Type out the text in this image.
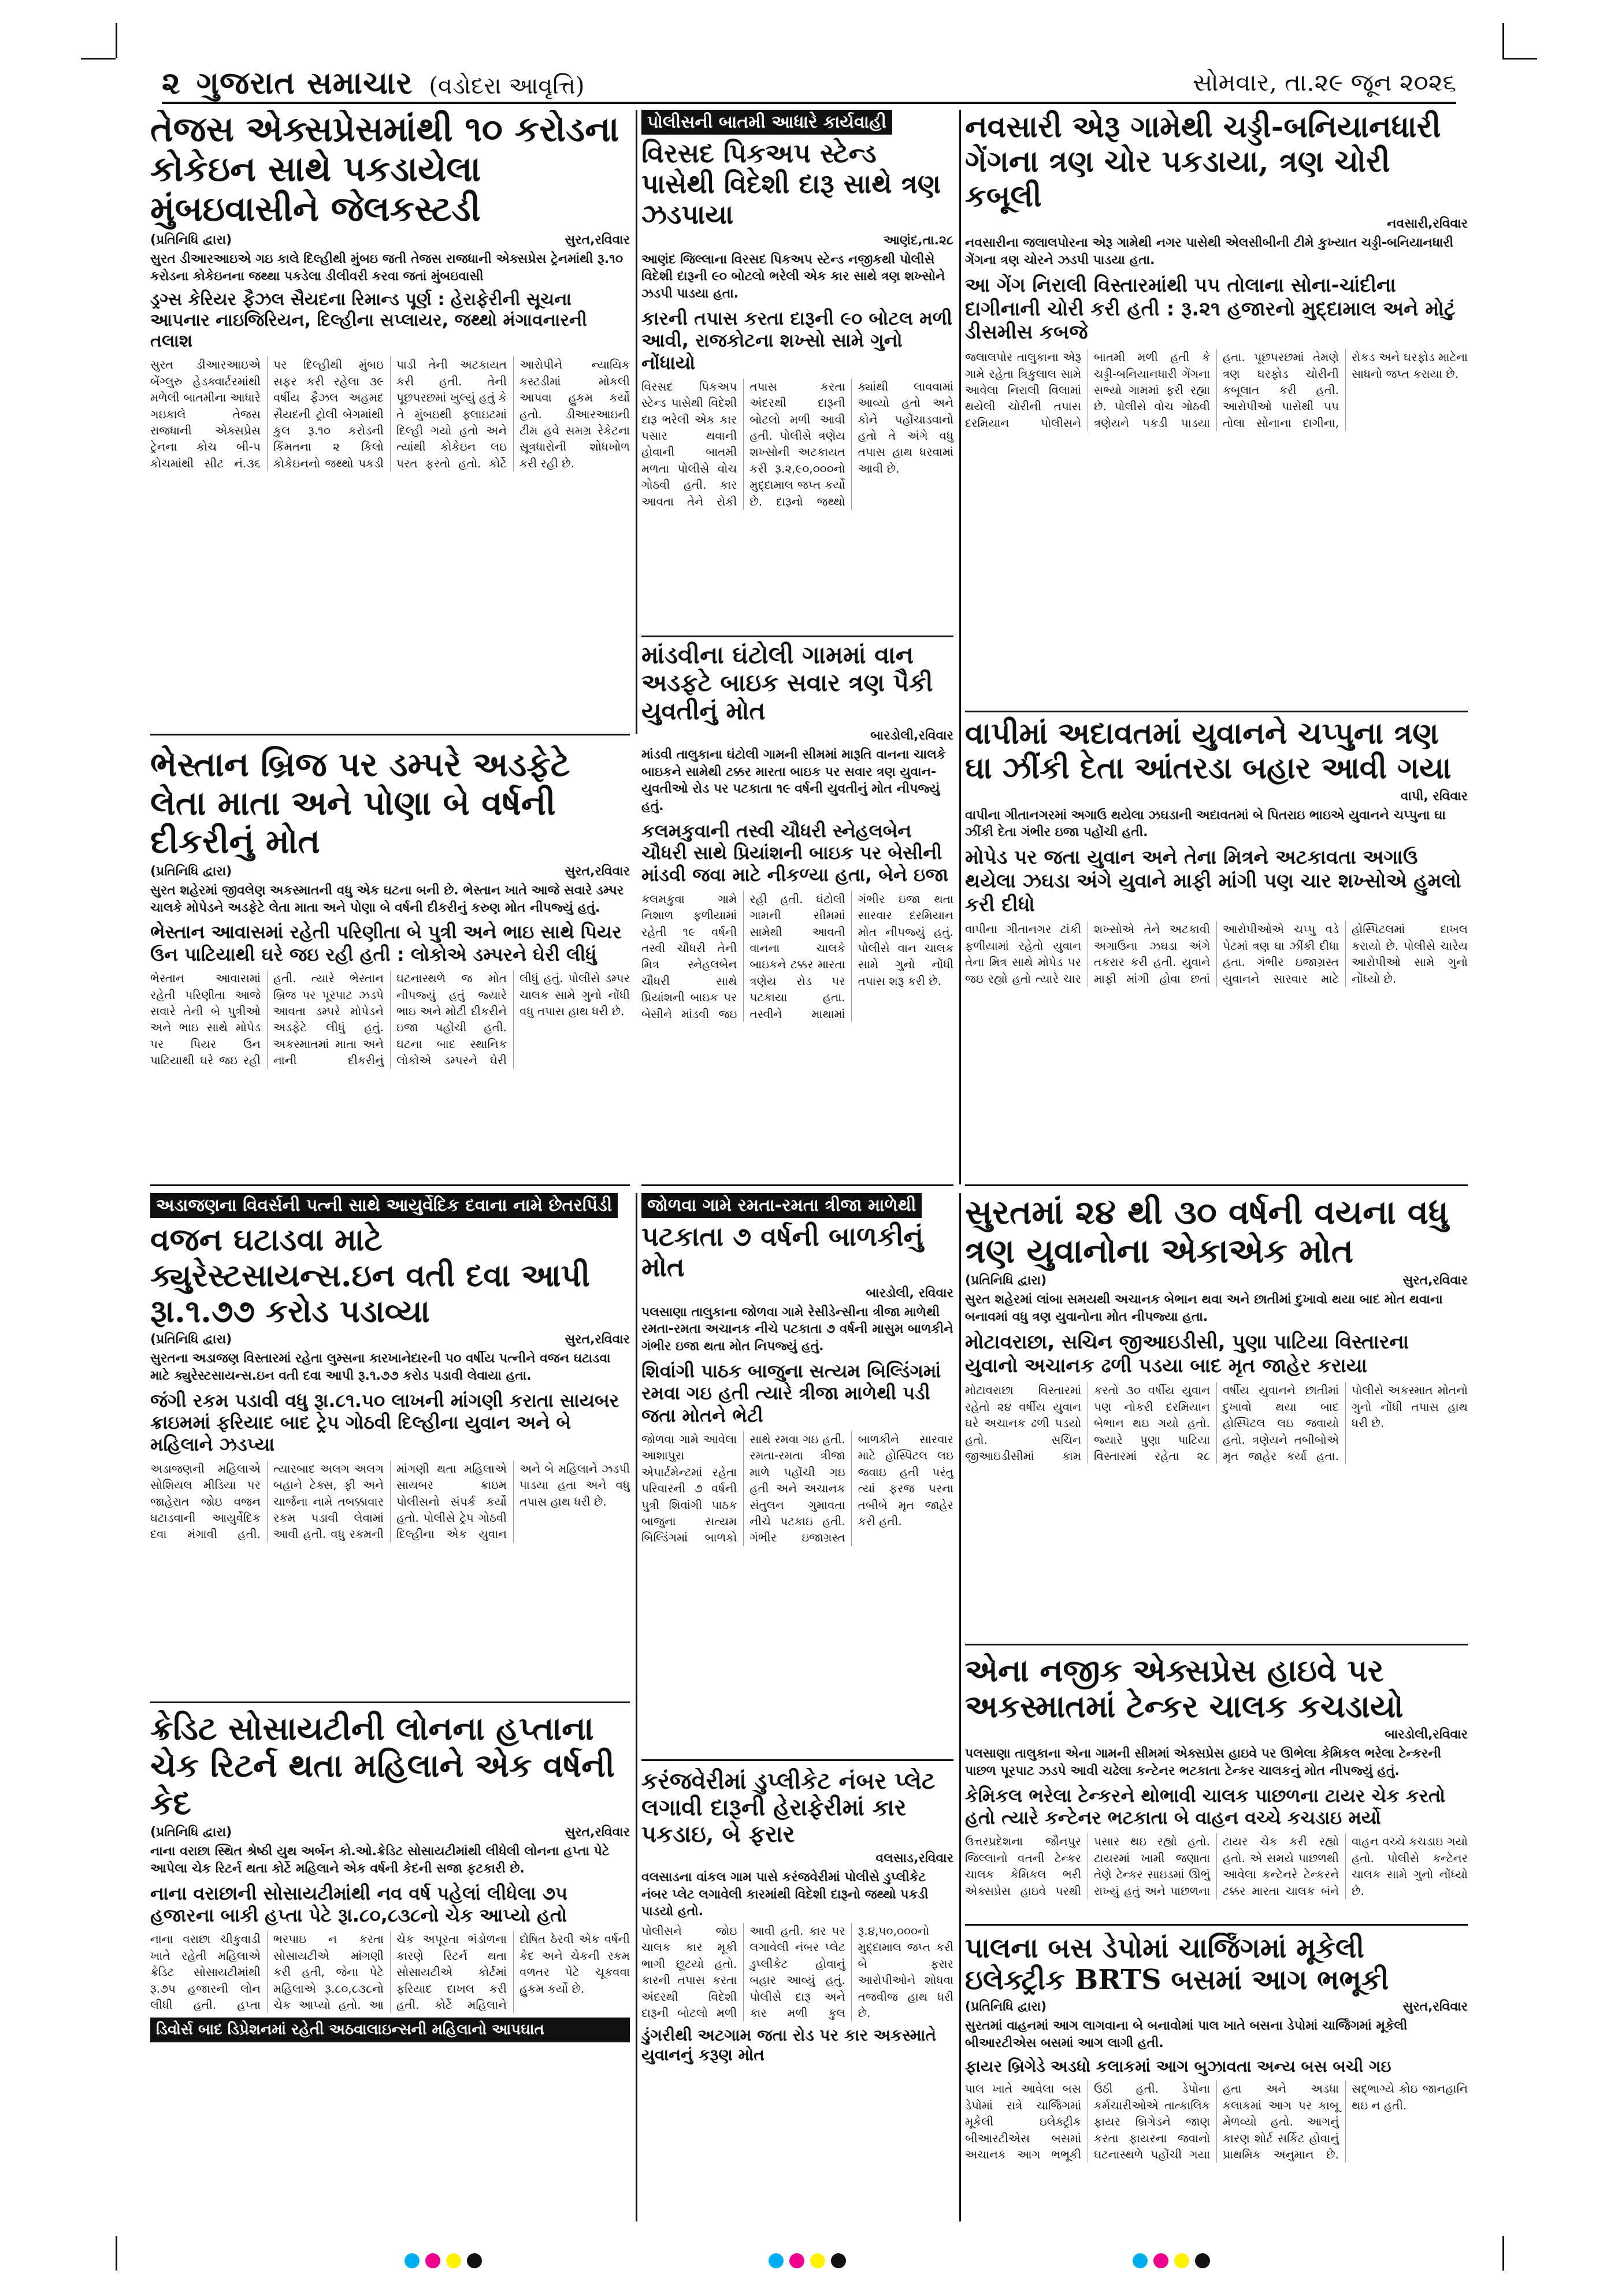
૨ ગુજરાત સમાચાર (વડોદરા આવૃત્તિ)	સોમવાર, તા.૨૯ જૂન ૨૦૨૬
તેજસ એક્સપ્રેસમાંથી ૧૦ કરોડના કોકેઇન સાથે પકડાયેલા મુંબઇવાસીને જેલકસ્ટડી
(પ્રતિનિધિ દ્વારા)	સુરત,રવિવાર
સુરત ડીઆરઆઇએ ગઇ કાલે દિલ્હીથી મુંબઇ જતી તેજસ રાજધાની એક્સપ્રેસ ટ્રેનમાંથી રૂ.૧૦ કરોડના કોકેઇનના જથ્થા પકડેલા ડીલીવરી કરવા જતાં મુંબઇવાસી
ડ્રગ્સ કેરિયર ફૈઝલ સૈયદના રિમાન્ડ પૂર્ણ : હેરાફેરીની સૂચના આપનાર નાઇજિરિયન, દિલ્હીના સપ્લાયર, જથ્થો મંગાવનારની તલાશ
સુરત ડીઆરઆઇએ બેંગ્લુરુ હેડક્વાર્ટરમાંથી મળેલી બાતમીના આધારે ગઇકાલે તેજસ રાજધાની એક્સપ્રેસ ટ્રેનના કોચ બી-૫ કોચમાંથી સીટ નં.૩૬ પર દિલ્હીથી મુંબઇ સફર કરી રહેલા ૩૯ વર્ષીય ફૈઝલ અહમદ સૈયદની ટ્રોલી બેગમાંથી કુલ રૂ.૧૦ કરોડની કિંમતના ૨ કિલો કોકેઇનનો જથ્થો પકડી પાડી તેની અટકાયત કરી હતી. તેની પૂછપરછમાં ખુલ્યું હતું કે તે મુંબઇથી ફ્લાઇટમાં દિલ્હી ગયો હતો અને ત્યાંથી કોકેઇન લઇ પરત ફરતો હતો. કોર્ટે આરોપીને ન્યાયિક કસ્ટડીમાં મોકલી આપવા હુકમ કર્યો હતો. ડીઆરઆઇની ટીમ હવે સમગ્ર રેકેટના સૂત્રધારોની શોધખોળ કરી રહી છે.
પોલીસની બાતમી આધારે કાર્યવાહી
વિરસદ પિકઅપ સ્ટેન્ડ પાસેથી વિદેશી દારૂ સાથે ત્રણ ઝડપાયા
આણંદ,તા.૨૮
આણંદ જિલ્લાના વિરસદ પિકઅપ સ્ટેન્ડ નજીકથી પોલીસે વિદેશી દારૂની ૯૦ બોટલો ભરેલી એક કાર સાથે ત્રણ શખ્સોને ઝડપી પાડયા હતા.
કારની તપાસ કરતા દારૂની ૯૦ બોટલ મળી આવી, રાજકોટના શખ્સો સામે ગુનો નોંધાયો
વિરસદ પિકઅપ સ્ટેન્ડ પાસેથી વિદેશી દારૂ ભરેલી એક કાર પસાર થવાની હોવાની બાતમી મળતા પોલીસે વોચ ગોઠવી હતી. કાર આવતા તેને રોકી તપાસ કરતા અંદરથી દારૂની બોટલો મળી આવી હતી. પોલીસે ત્રણેય શખ્સોની અટકાયત કરી રૂ.૨,૯૦,૦૦૦નો મુદ્દામાલ જપ્ત કર્યો છે. દારૂનો જથ્થો ક્યાંથી લાવવામાં આવ્યો હતો અને કોને પહોંચાડવાનો હતો તે અંગે વધુ તપાસ હાથ ધરવામાં આવી છે.
નવસારી એરૂ ગામેથી ચડ્ડી-બનિયાનધારી ગેંગના ત્રણ ચોર પકડાયા, ત્રણ ચોરી કબૂલી
નવસારી,રવિવાર
નવસારીના જલાલપોરના એરૂ ગામેથી નગર પાસેથી એલસીબીની ટીમે કુખ્યાત ચડ્ડી-બનિયાનધારી ગેંગના ત્રણ ચોરને ઝડપી પાડયા હતા.
આ ગેંગ નિરાલી વિસ્તારમાંથી ૫૫ તોલાના સોના-ચાંદીના દાગીનાની ચોરી કરી હતી : રૂ.૨૧ હજારનો મુદ્દામાલ અને મોટું ડીસમીસ કબજે
જલાલપોર તાલુકાના એરૂ ગામે રહેતા ત્રિકુલાલ સામે આવેલા નિરાલી વિલામાં થયેલી ચોરીની તપાસ દરમિયાન પોલીસને બાતમી મળી હતી કે ચડ્ડી-બનિયાનધારી ગેંગના સભ્યો ગામમાં ફરી રહ્યા છે. પોલીસે વોચ ગોઠવી ત્રણેયને પકડી પાડયા હતા. પૂછપરછમાં તેમણે ત્રણ ઘરફોડ ચોરીની કબૂલાત કરી હતી. આરોપીઓ પાસેથી ૫૫ તોલા સોનાના દાગીના, રોકડ અને ઘરફોડ માટેના સાધનો જપ્ત કરાયા છે.
ભેસ્તાન બ્રિજ પર ડમ્પરે અડફેટે લેતા માતા અને પોણા બે વર્ષની દીકરીનું મોત
(પ્રતિનિધિ દ્વારા)	સુરત,રવિવાર
સુરત શહેરમાં જીવલેણ અકસ્માતની વધુ એક ઘટના બની છે. ભેસ્તાન ખાતે આજે સવારે ડમ્પર ચાલકે મોપેડને અડફેટે લેતા માતા અને પોણા બે વર્ષની દીકરીનું કરુણ મોત નીપજ્યું હતું.
ભેસ્તાન આવાસમાં રહેતી પરિણીતા બે પુત્રી અને ભાઇ સાથે પિયર ઉન પાટિયાથી ઘરે જઇ રહી હતી : લોકોએ ડમ્પરને ઘેરી લીધું
ભેસ્તાન આવાસમાં રહેતી પરિણીતા આજે સવારે તેની બે પુત્રીઓ અને ભાઇ સાથે મોપેડ પર પિયર ઉન પાટિયાથી ઘરે જઇ રહી હતી. ત્યારે ભેસ્તાન બ્રિજ પર પૂરપાટ ઝડપે આવતા ડમ્પરે મોપેડને અડફેટે લીધું હતું. અકસ્માતમાં માતા અને નાની દીકરીનું ઘટનાસ્થળે જ મોત નીપજ્યું હતું જ્યારે ભાઇ અને મોટી દીકરીને ઇજા પહોંચી હતી. ઘટના બાદ સ્થાનિક લોકોએ ડમ્પરને ઘેરી લીધું હતું. પોલીસે ડમ્પર ચાલક સામે ગુનો નોંધી વધુ તપાસ હાથ ધરી છે.
માંડવીના ઘંટોલી ગામમાં વાન અડફટે બાઇક સવાર ત્રણ પૈકી યુવતીનું મોત
બારડોલી,રવિવાર
માંડવી તાલુકાના ઘંટોલી ગામની સીમમાં મારૂતિ વાનના ચાલકે બાઇકને સામેથી ટક્કર મારતા બાઇક પર સવાર ત્રણ યુવાન-યુવતીઓ રોડ પર પટકાતા ૧૯ વર્ષની યુવતીનું મોત નીપજ્યું હતું.
કલમકુવાની તસ્વી ચૌધરી સ્નેહલબેન ચૌધરી સાથે પ્રિયાંશની બાઇક પર બેસીની માંડવી જવા માટે નીકળ્યા હતા, બેને ઇજા
કલમકુવા ગામે નિશાળ ફળીયામાં રહેતી ૧૯ વર્ષની તસ્વી ચૌધરી તેની મિત્ર સ્નેહલબેન ચૌધરી સાથે પ્રિયાંશની બાઇક પર બેસીને માંડવી જઇ રહી હતી. ઘંટોલી ગામની સીમમાં સામેથી આવતી વાનના ચાલકે બાઇકને ટક્કર મારતા ત્રણેય રોડ પર પટકાયા હતા. તસ્વીને માથામાં ગંભીર ઇજા થતા સારવાર દરમિયાન મોત નીપજ્યું હતું. પોલીસે વાન ચાલક સામે ગુનો નોંધી તપાસ શરૂ કરી છે.
વાપીમાં અદાવતમાં યુવાનને ચપ્પુના ત્રણ ઘા ઝીંકી દેતા આંતરડા બહાર આવી ગયા
વાપી, રવિવાર
વાપીના ગીતાનગરમાં અગાઉ થયેલા ઝઘડાની અદાવતમાં બે પિતરાઇ ભાઇએ યુવાનને ચપ્પુના ઘા ઝીંકી દેતા ગંભીર ઇજા પહોંચી હતી.
મોપેડ પર જતા યુવાન અને તેના મિત્રને અટકાવતા અગાઉ થયેલા ઝઘડા અંગે યુવાને માફી માંગી પણ ચાર શખ્સોએ હુમલો કરી દીધો
વાપીના ગીતાનગર ટાંકી ફળીયામાં રહેતો યુવાન તેના મિત્ર સાથે મોપેડ પર જઇ રહ્યો હતો ત્યારે ચાર શખ્સોએ તેને અટકાવી અગાઉના ઝઘડા અંગે તકરાર કરી હતી. યુવાને માફી માંગી હોવા છતાં આરોપીઓએ ચપ્પુ વડે પેટમાં ત્રણ ઘા ઝીંકી દીધા હતા. ગંભીર ઇજાગ્રસ્ત યુવાનને સારવાર માટે હોસ્પિટલમાં દાખલ કરાયો છે. પોલીસે ચારેય આરોપીઓ સામે ગુનો નોંધ્યો છે.
અડાજણના વિવર્સની પત્ની સાથે આયુર્વેદિક દવાના નામે છેતરપિંડી
વજન ઘટાડવા માટે ક્યુરેસ્ટસાયન્સ.ઇન વતી દવા આપી રૂા.૧.૭૭ કરોડ પડાવ્યા
(પ્રતિનિધિ દ્વારા)	સુરત,રવિવાર
સુરતના અડાજણ વિસ્તારમાં રહેતા લુમ્સના કારખાનેદારની ૫૦ વર્ષીય પત્નીને વજન ઘટાડવા માટે ક્યુરેસ્ટસાયન્સ.ઇન વતી દવા આપી રૂ.૧.૭૭ કરોડ પડાવી લેવાયા હતા.
જંગી રકમ પડાવી વધુ રૂા.૮૧.૫૦ લાખની માંગણી કરાતા સાયબર ક્રાઇમમાં ફરિયાદ બાદ ટ્રેપ ગોઠવી દિલ્હીના યુવાન અને બે મહિલાને ઝડપ્યા
અડાજણની મહિલાએ સોશિયલ મીડિયા પર જાહેરાત જોઇ વજન ઘટાડવાની આયુર્વેદિક દવા મંગાવી હતી. ત્યારબાદ અલગ અલગ બહાને ટેક્સ, ફી અને ચાર્જના નામે તબક્કાવાર રકમ પડાવી લેવામાં આવી હતી. વધુ રકમની માંગણી થતા મહિલાએ સાયબર ક્રાઇમ પોલીસનો સંપર્ક કર્યો હતો. પોલીસે ટ્રેપ ગોઠવી દિલ્હીના એક યુવાન અને બે મહિલાને ઝડપી પાડયા હતા અને વધુ તપાસ હાથ ધરી છે.
જોળવા ગામે રમતા-રમતા ત્રીજા માળેથી
પટકાતા ૭ વર્ષની બાળકીનું મોત
બારડોલી, રવિવાર
પલસાણા તાલુકાના જોળવા ગામે રેસીડેન્સીના ત્રીજા માળેથી રમતા-રમતા અચાનક નીચે પટકાતા ૭ વર્ષની માસુમ બાળકીને ગંભીર ઇજા થતા મોત નિપજ્યું હતું.
શિવાંગી પાઠક બાજુના સત્યમ બિલ્ડિંગમાં રમવા ગઇ હતી ત્યારે ત્રીજા માળેથી પડી જતા મોતને ભેટી
જોળવા ગામે આવેલા આશાપુરા એપાર્ટમેન્ટમાં રહેતા પરિવારની ૭ વર્ષની પુત્રી શિવાંગી પાઠક બાજુના સત્યમ બિલ્ડિંગમાં બાળકો સાથે રમવા ગઇ હતી. રમતા-રમતા ત્રીજા માળે પહોંચી ગઇ હતી અને અચાનક સંતુલન ગુમાવતા નીચે પટકાઇ હતી. ગંભીર ઇજાગ્રસ્ત બાળકીને સારવાર માટે હોસ્પિટલ લઇ જવાઇ હતી પરંતુ ત્યાં ફરજ પરના તબીબે મૃત જાહેર કરી હતી.
સુરતમાં ૨૪ થી ૩૦ વર્ષની વયના વધુ ત્રણ યુવાનોના એકાએક મોત
(પ્રતિનિધિ દ્વારા)	સુરત,રવિવાર
સુરત શહેરમાં લાંબા સમયથી અચાનક બેભાન થવા અને છાતીમાં દુખાવો થયા બાદ મોત થવાના બનાવમાં વધુ ત્રણ યુવાનોના મોત નીપજ્યા હતા.
મોટાવરાછા, સચિન જીઆઇડીસી, પુણા પાટિયા વિસ્તારના યુવાનો અચાનક ઢળી પડયા બાદ મૃત જાહેર કરાયા
મોટાવરાછા વિસ્તારમાં રહેતો ૨૪ વર્ષીય યુવાન ઘરે અચાનક ઢળી પડયો હતો. સચિન જીઆઇડીસીમાં કામ કરતો ૩૦ વર્ષીય યુવાન પણ નોકરી દરમિયાન બેભાન થઇ ગયો હતો. જ્યારે પુણા પાટિયા વિસ્તારમાં રહેતા ૨૮ વર્ષીય યુવાનને છાતીમાં દુખાવો થયા બાદ હોસ્પિટલ લઇ જવાયો હતો. ત્રણેયને તબીબોએ મૃત જાહેર કર્યા હતા. પોલીસે અકસ્માત મોતનો ગુનો નોંધી તપાસ હાથ ધરી છે.
ક્રેડિટ સોસાયટીની લોનના હપ્તાના ચેક રિટર્ન થતા મહિલાને એક વર્ષની કેદ
(પ્રતિનિધિ દ્વારા)	સુરત,રવિવાર
નાના વરાછા સ્થિત શ્રેષ્ઠી યુથ અર્બન કો.ઓ.ક્રેડિટ સોસાયટીમાંથી લીધેલી લોનના હપ્તા પેટે આપેલા ચેક રિટર્ન થતા કોર્ટે મહિલાને એક વર્ષની કેદની સજા ફટકારી છે.
નાના વરાછાની સોસાયટીમાંથી નવ વર્ષ પહેલાં લીધેલા ૭૫ હજારના બાકી હપ્તા પેટે રૂા.૮૦,૮૩૮નો ચેક આપ્યો હતો
નાના વરાછા ચીકુવાડી ખાતે રહેતી મહિલાએ ક્રેડિટ સોસાયટીમાંથી રૂ.૭૫ હજારની લોન લીધી હતી. હપ્તા ભરપાઇ ન કરતા સોસાયટીએ માંગણી કરી હતી, જેના પેટે મહિલાએ રૂ.૮૦,૮૩૮નો ચેક આપ્યો હતો. આ ચેક અપૂરતા ભંડોળના કારણે રિટર્ન થતા સોસાયટીએ કોર્ટમાં ફરિયાદ દાખલ કરી હતી. કોર્ટે મહિલાને દોષિત ઠેરવી એક વર્ષની કેદ અને ચેકની રકમ વળતર પેટે ચૂકવવા હુકમ કર્યો છે.
ડિવોર્સ બાદ ડિપ્રેશનમાં રહેતી અઠવાલાઇન્સની મહિલાનો આપઘાત
કરંજવેરીમાં ડુપ્લીકેટ નંબર પ્લેટ લગાવી દારૂની હેરાફેરીમાં કાર પકડાઇ, બે ફરાર
વલસાડ,રવિવાર
વલસાડના વાંકલ ગામ પાસે કરંજવેરીમાં પોલીસે ડુપ્લીકેટ નંબર પ્લેટ લગાવેલી કારમાંથી વિદેશી દારૂનો જથ્થો પકડી પાડયો હતો.
પોલીસને જોઇ ચાલક કાર મૂકી ભાગી છૂટયો હતો. કારની તપાસ કરતા અંદરથી વિદેશી દારૂની બોટલો મળી આવી હતી. કાર પર લગાવેલી નંબર પ્લેટ ડુપ્લીકેટ હોવાનું બહાર આવ્યું હતું. પોલીસે દારૂ અને કાર મળી કુલ રૂ.૪,૫૦,૦૦૦નો મુદ્દામાલ જપ્ત કરી બે ફરાર આરોપીઓને શોધવા તજવીજ હાથ ધરી છે.
ડુંગરીથી અટગામ જતા રોડ પર કાર અકસ્માતે યુવાનનું કરૂણ મોત
એના નજીક એક્સપ્રેસ હાઇવે પર અકસ્માતમાં ટેન્કર ચાલક કચડાયો
બારડોલી,રવિવાર
પલસાણા તાલુકાના એના ગામની સીમમાં એક્સપ્રેસ હાઇવે પર ઊભેલા કેમિકલ ભરેલા ટેન્કરની પાછળ પૂરપાટ ઝડપે આવી ચઢેલા કન્ટેનર ભટકાતા ટેન્કર ચાલકનું મોત નીપજ્યું હતું.
કેમિકલ ભરેલા ટેન્કરને થોભાવી ચાલક પાછળના ટાયર ચેક કરતો હતો ત્યારે કન્ટેનર ભટકાતા બે વાહન વચ્ચે કચડાઇ મર્યો
ઉત્તરપ્રદેશના જૌનપુર જિલ્લાનો વતની ટેન્કર ચાલક કેમિકલ ભરી એક્સપ્રેસ હાઇવે પરથી પસાર થઇ રહ્યો હતો. ટાયરમાં ખામી જણાતા તેણે ટેન્કર સાઇડમાં ઊભું રાખ્યું હતું અને પાછળના ટાયર ચેક કરી રહ્યો હતો. એ સમયે પાછળથી આવેલા કન્ટેનરે ટેન્કરને ટક્કર મારતા ચાલક બંને વાહન વચ્ચે કચડાઇ ગયો હતો. પોલીસે કન્ટેનર ચાલક સામે ગુનો નોંધ્યો છે.
પાલના બસ ડેપોમાં ચાર્જિંગમાં મૂકેલી ઇલેક્ટ્રીક BRTS બસમાં આગ ભભૂકી
(પ્રતિનિધિ દ્વારા)	સુરત,રવિવાર
સુરતમાં વાહનમાં આગ લાગવાના બે બનાવોમાં પાલ ખાતે બસના ડેપોમાં ચાર્જિંગમાં મૂકેલી બીઆરટીએસ બસમાં આગ લાગી હતી.
ફાયર બ્રિગેડે અડધો કલાકમાં આગ બુઝાવતા અન્ય બસ બચી ગઇ
પાલ ખાતે આવેલા બસ ડેપોમાં રાત્રે ચાર્જિંગમાં મૂકેલી ઇલેક્ટ્રીક બીઆરટીએસ બસમાં અચાનક આગ ભભૂકી ઉઠી હતી. ડેપોના કર્મચારીઓએ તાત્કાલિક ફાયર બ્રિગેડને જાણ કરતા ફાયરના જવાનો ઘટનાસ્થળે પહોંચી ગયા હતા અને અડધા કલાકમાં આગ પર કાબૂ મેળવ્યો હતો. આગનું કારણ શોર્ટ સર્કિટ હોવાનું પ્રાથમિક અનુમાન છે. સદ્ભાગ્યે કોઇ જાનહાનિ થઇ ન હતી.
